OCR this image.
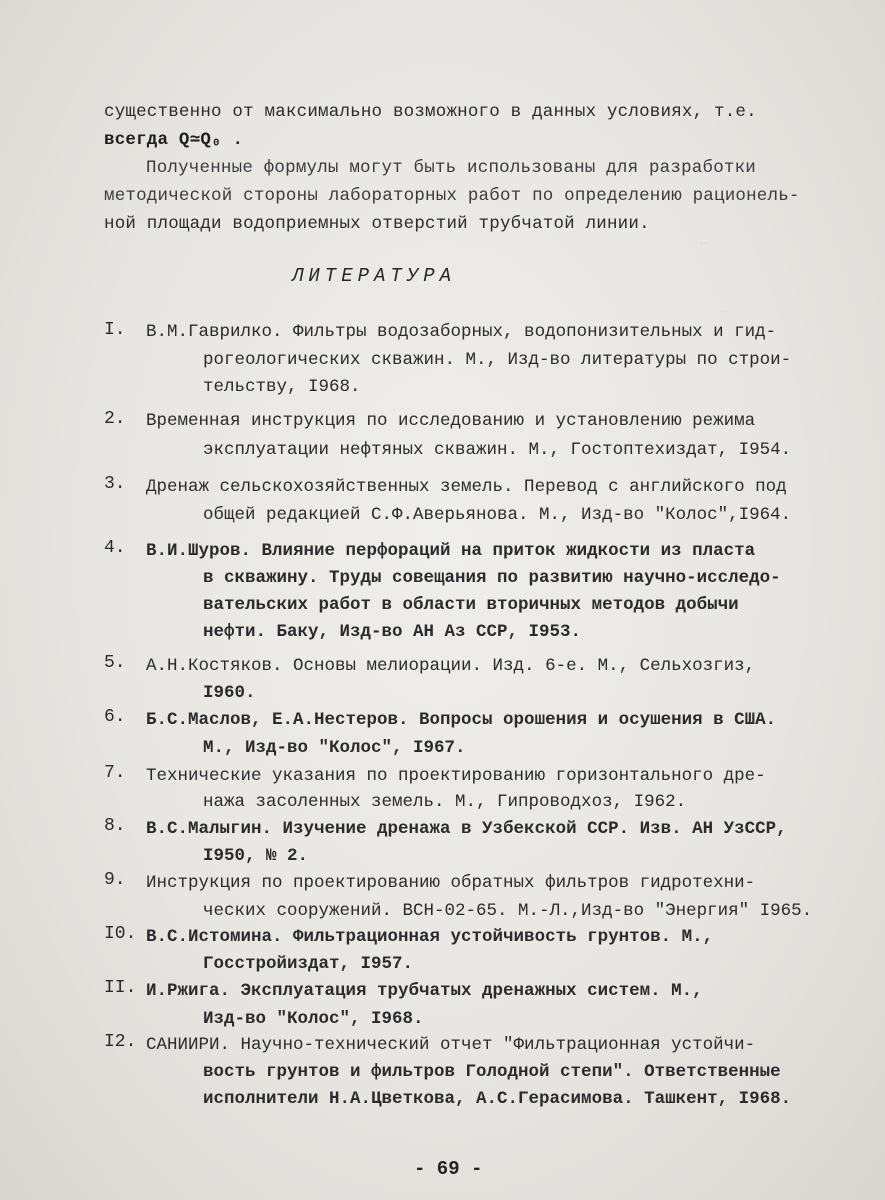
…
…
существенно от максимально возможного в данных условиях, т.е.
всегда Q≃Q₀ .
Полученные формулы могут быть использованы для разработки
методической стороны лабораторных работ по определению рационель-
ной площади водоприемных отверстий трубчатой линии.
ЛИТЕРАТУРА
I. В.М.Гаврилко. Фильтры водозаборных, водопонизительных и гид-
рогеологических скважин. М., Изд-во литературы по строи-
тельству, I968.
2. Временная инструкция по исследованию и установлению режима
эксплуатации нефтяных скважин. М., Гостоптехиздат, I954.
3. Дренаж сельскохозяйственных земель. Перевод с английского под
общей редакцией С.Ф.Аверьянова. М., Изд-во "Колос",I964.
4. В.И.Шуров. Влияние перфораций на приток жидкости из пласта
в скважину. Труды совещания по развитию научно-исследо-
вательских работ в области вторичных методов добычи
нефти. Баку, Изд-во АН Аз ССР, I953.
5. А.Н.Костяков. Основы мелиорации. Изд. 6-е. М., Сельхозгиз,
I960.
6. Б.С.Маслов, Е.А.Нестеров. Вопросы орошения и осушения в США.
М., Изд-во "Колос", I967.
7. Технические указания по проектированию горизонтального дре-
нажа засоленных земель. М., Гипроводхоз, I962.
8. В.С.Малыгин. Изучение дренажа в Узбекской ССР. Изв. АН УзССР,
I950, № 2.
9. Инструкция по проектированию обратных фильтров гидротехни-
ческих сооружений. ВСН-02-65. М.-Л.,Изд-во "Энергия" I965.
I0. В.С.Истомина. Фильтрационная устойчивость грунтов. М.,
Госстройиздат, I957.
II. И.Ржига. Эксплуатация трубчатых дренажных систем. М.,
Изд-во "Колос", I968.
I2. САНИИРИ. Научно-технический отчет "Фильтрационная устойчи-
вость грунтов и фильтров Голодной степи". Ответственные
исполнители Н.А.Цветкова, А.С.Герасимова. Ташкент, I968.
- 69 -
